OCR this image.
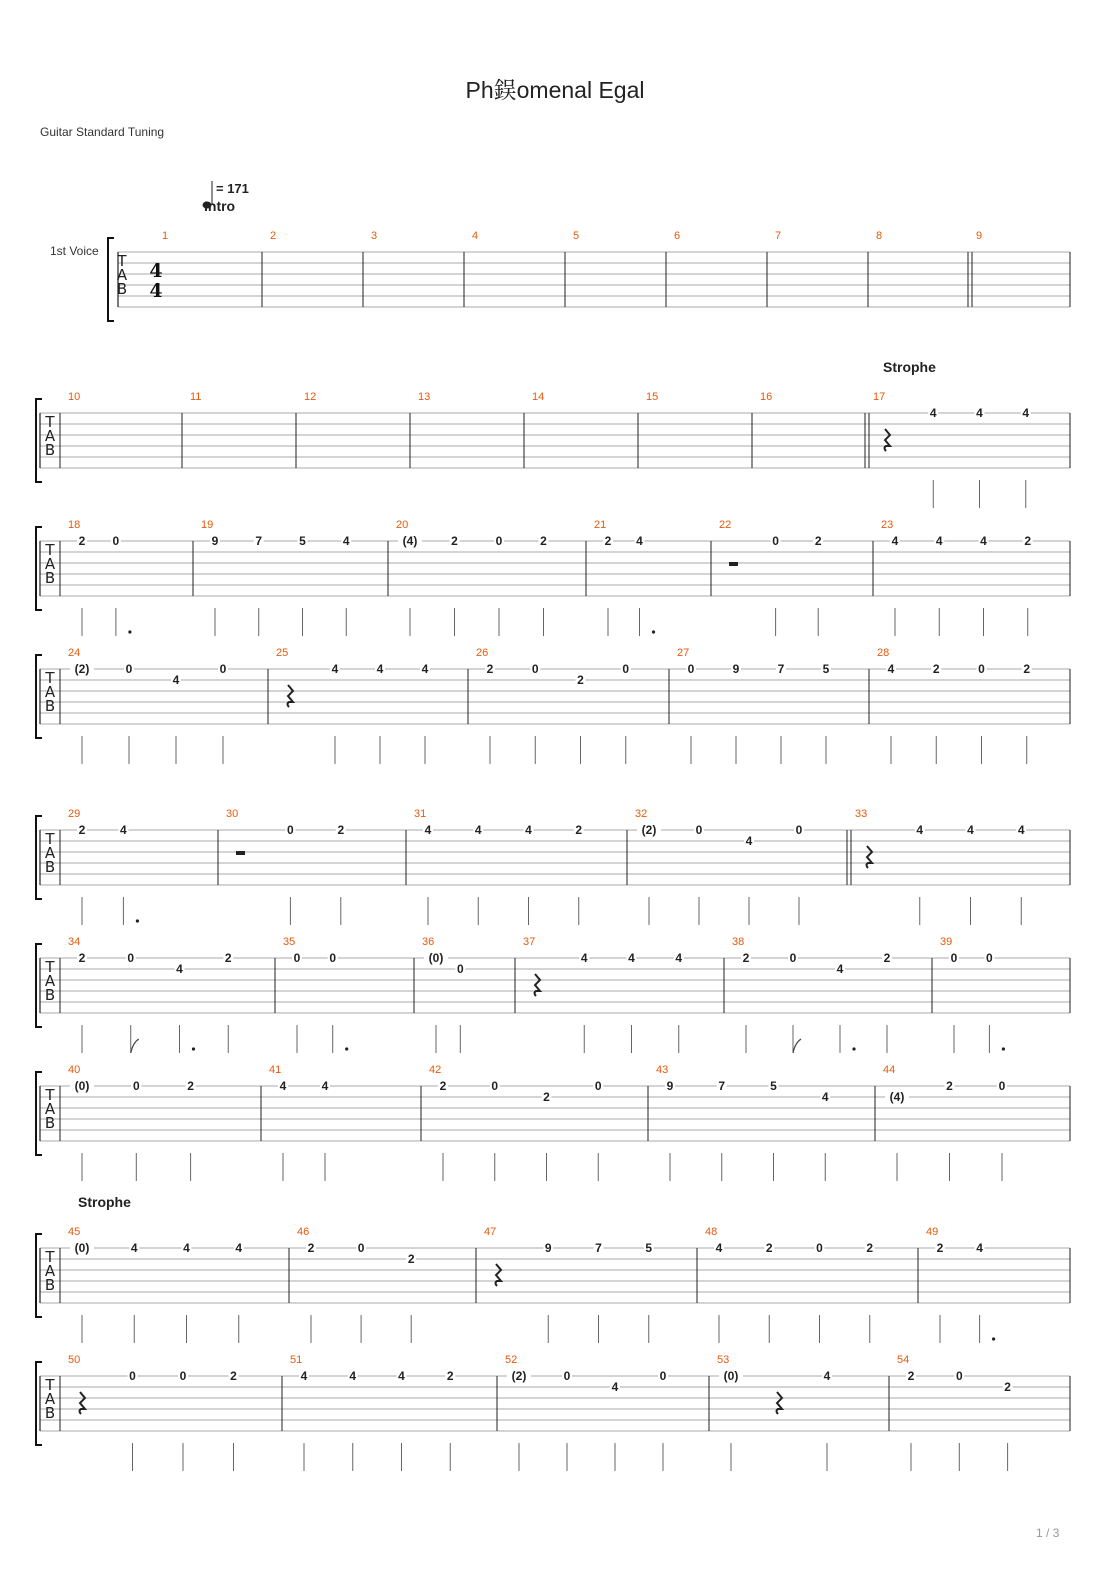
Ph鋘omenal Egal
Guitar Standard Tuning
1 / 3
T
A
B
1st Voice
4
4
= 171
1
Intro
2	3	4	5	6	7	8	9
T
A
B
10	11	12	13	14	15	16	17
Strophe
4	4	4
T
A
B
18
2 0
19
9	7	5	4
20
(4)	2	0	2
21
2 4
22
0	2
23
4	4	4	2
T
A
B
24
(2)	0
4
0
25
4	4	4
26
2	0
2
0
27
0	9	7	5
28
4	2	0	2
T
A
B
29
2	4
30
0	2
31
4	4	4	2
32
(2)	0
4
0
33
4	4	4
T
A
B
34
2	0
4
2
35
0 0
36
(0)
0
37
4	4	4
38
2	0
4
2
39
0 0
T
A
B
40
(0)	0	2
41
4	4
42
2	0
2
0
43
9	7	5
4
44
(4)
2	0
T
A
B
45
Strophe
(0)	4	4	4
46
2	0
2
47
9	7	5
48
4	2	0	2
49
2	4
T
A
B
50
0	0	2
51
4	4	4	2
52
(2)	0
4
0
53
(0)	4
54
2	0
2
